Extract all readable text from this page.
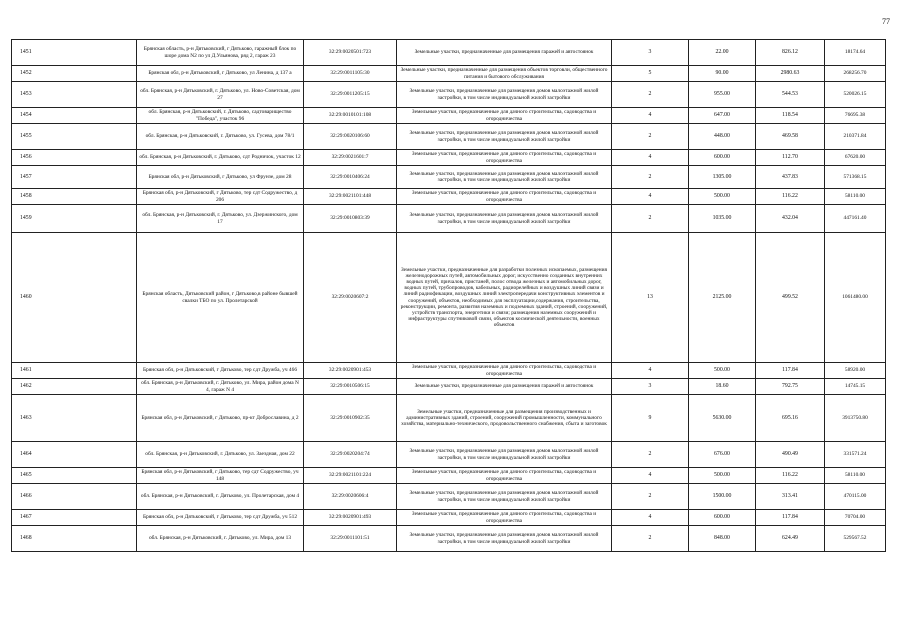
77
1451	Брянская область, р-н Дятьковский, г Дятьково, гаражный блок по шоре дома N2 по ул Д.Ульянова, ряд 2, гараж 23	32:29:0020501:723	Земельные участки, предназначенные для размещения гаражей и автостоянок	3	22.00	826.12	18174.64
1452	Брянская обл, р-н Дятьковский, г Дятьково, ул Ленина, д 137 а	32:29:0011105:30	Земельные участки, предназначенные для размещения объектов торговли, общественного питания и бытового обслуживания	5	90.00	2980.63	268256.70
1453	обл. Брянская, р-н Дятьковский, г. Дятьково, ул. Ново-Советская, дом 27	32:29:0011205:15	Земельные участки, предназначенные для размещения домов малоэтажной жилой застройки, в том числе индивидуальной жилой застройки	2	955.00	544.53	520026.15
1454	обл. Брянская, р-н Дятьковский, г. Дятьково, садтоварищество "Победа", участок 96	32:29:0010101:108	Земельные участки, предназначенные для дачного строительства, садоводства и огородничества	4	647.00	118.54	76695.38
1455	обл. Брянская, р-н Дятьковский, г. Дятьково, ул. Гусева, дом 78/1	32:29:0020106:60	Земельные участки, предназначенные для размещения домов малоэтажной жилой застройки, в том числе индивидуальной жилой застройки	2	448.00	469.58	210371.84
1456	обл. Брянская, р-н Дятьковский, г. Дятьково, сдт Родничок, участок 12	32:29:0021601:7	Земельные участки, предназначенные для дачного строительства, садоводства и огородничества	4	600.00	112.70	67620.00
1457	Брянская обл, р-н Дятьковский, г Дятьково, ул Фрунзе, дом 28	32:29:0010406:24	Земельные участки, предназначенные для размещения домов малоэтажной жилой застройки, в том числе индивидуальной жилой застройки	2	1305.00	437.83	571368.15
1458	Брянская обл, р-н Дятьковский, г Дятьково, тер сдт Содружество, д 206	32:29:0021101:448	Земельные участки, предназначенные для дачного строительства, садоводства и огородничества	4	500.00	116.22	58110.00
1459	обл. Брянская, р-н Дятьковский, г. Дятьково, ул. Дзержинского, дом 17	32:29:0010803:39	Земельные участки, предназначенные для размещения домов малоэтажной жилой застройки, в том числе индивидуальной жилой застройки	2	1035.00	432.04	447161.40
1460	Брянская область, Дятьковский район, г Дятьково,в районе бывшей свалки ТБО по ул. Пролетарской	32:29:0020607:2	Земельные участки, предназначенные для разработки полезных ископаемых, размещения железнодорожных путей, автомобильных дорог, искусственно созданных внутренних водных путей, причалов, пристаней, полос отвода железных и автомобильных дорог, водных путей, трубопроводов, кабельных, радиорелейных и воздушных линий связи и линий радиофикации, воздушных линий электропередачи конструктивных элементов и сооружений, объектов, необходимых для эксплуатации,содержания, строительства, реконструкции, ремонта, развития наземных и подземных зданий, строений, сооружений, устройств транспорта, энергетики и связи; размещения наземных сооружений и инфраструктуры спутниковой связи, объектов космической деятельности, военных объектов	13	2125.00	499.52	1061480.00
1461	Брянская обл, р-н Дятьковский, г Дятьково, тер сдт Дружба, уч 466	32:29:0020901:453	Земельные участки, предназначенные для дачного строительства, садоводства и огородничества	4	500.00	117.84	58920.00
1462	обл. Брянская, р-н Дятьковский, г. Дятьково, ул. Мира, район дома N 4, гараж N 4	32:29:0010506:15	Земельные участки, предназначенные для размещения гаражей и автостоянок	3	18.60	792.75	14745.15
1463	Брянская обл, р-н Дятьковский, г Дятьково, пр-кт Доброславина, д 2	32:29:0010902:35	Земельные участки, предназначенные для размещения производственных и административных зданий, строений, сооружений промышленности, коммунального хозяйства, материально-технического, продовольственного снабжения, сбыта и заготовок	9	5630.00	695.16	3913750.80
1464	обл. Брянская, р-н Дятьковский, г. Дятьково, ул. Заездная, дом 22	32:29:0020204:74	Земельные участки, предназначенные для размещения домов малоэтажной жилой застройки, в том числе индивидуальной жилой застройки	2	676.00	490.49	331571.24
1465	Брянская обл, р-н Дятьковский, г Дятьково, тер сдт Содружество, уч 148	32:29:0021101:224	Земельные участки, предназначенные для дачного строительства, садоводства и огородничества	4	500.00	116.22	58110.00
1466	обл. Брянская, р-н Дятьковский, г. Дятьково, ул. Пролетарская, дом 4	32:29:0020606:4	Земельные участки, предназначенные для размещения домов малоэтажной жилой застройки, в том числе индивидуальной жилой застройки	2	1500.00	313.41	470115.00
1467	Брянская обл, р-н Дятьковский, г Дятьково, тер сдт Дружба, уч 512	32:29:0020901:493	Земельные участки, предназначенные для дачного строительства, садоводства и огородничества	4	600.00	117.84	70704.00
1468	обл. Брянская, р-н Дятьковский, г. Дятьково, ул. Мира, дом 13	32:29:0011101:51	Земельные участки, предназначенные для размещения домов малоэтажной жилой застройки, в том числе индивидуальной жилой застройки	2	848.00	624.49	529567.52
